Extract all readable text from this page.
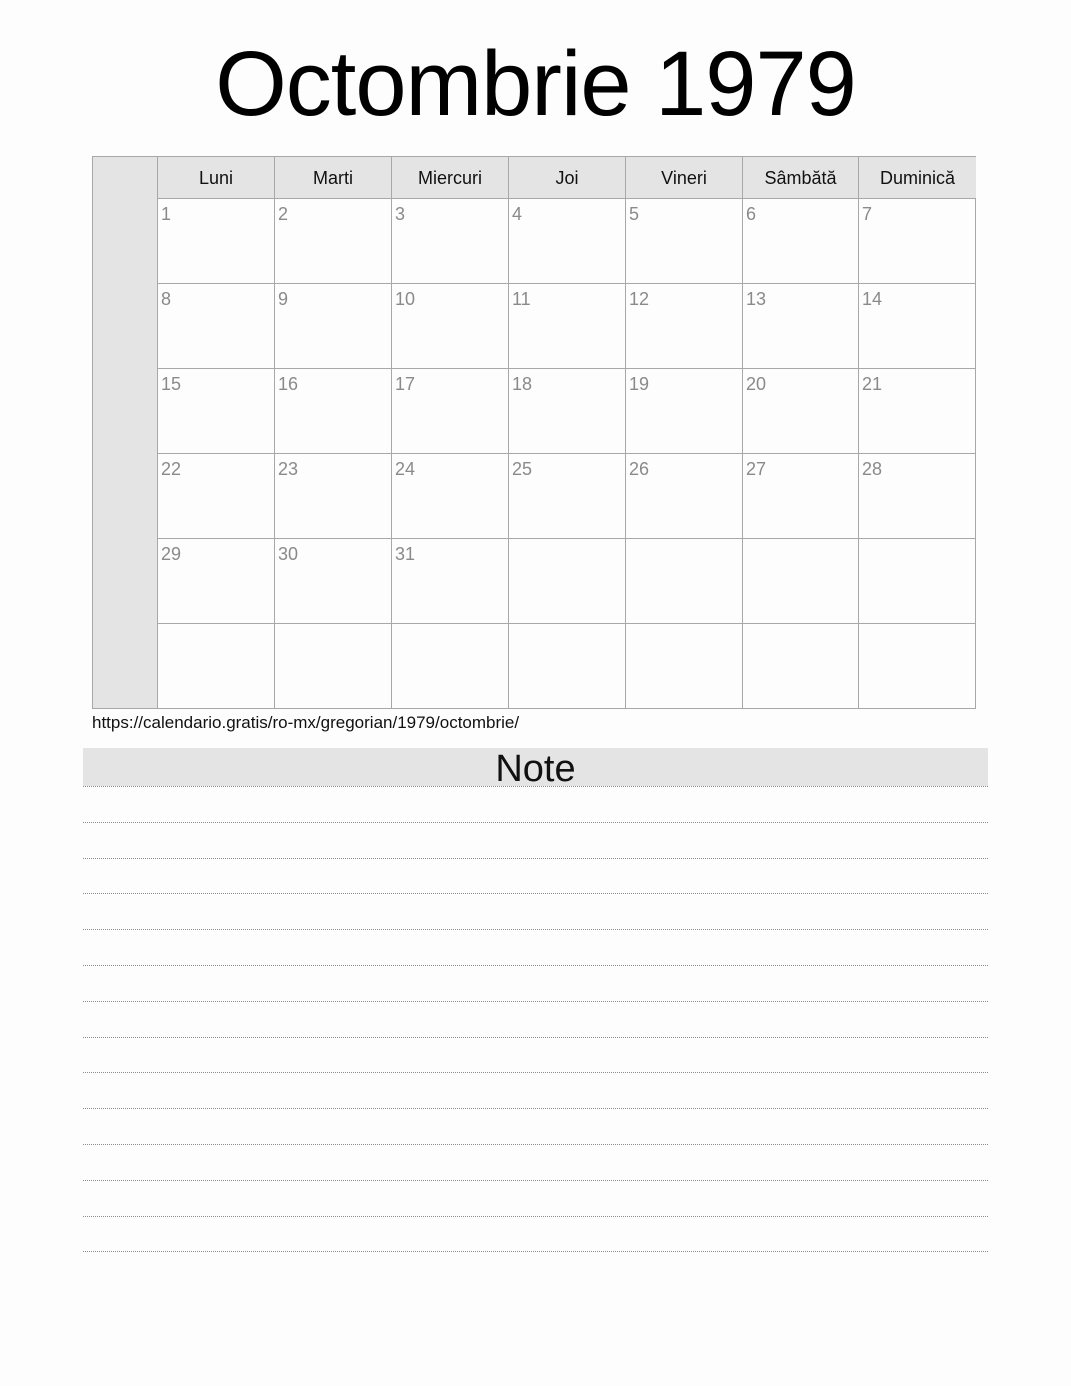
Octombrie 1979
Luni	Marti	Miercuri	Joi	Vineri	Sâmbătă	Duminică
1	2	3	4	5	6	7
8	9	10	11	12	13	14
15	16	17	18	19	20	21
22	23	24	25	26	27	28
29	30	31
https://calendario.gratis/ro-mx/gregorian/1979/octombrie/
Note
